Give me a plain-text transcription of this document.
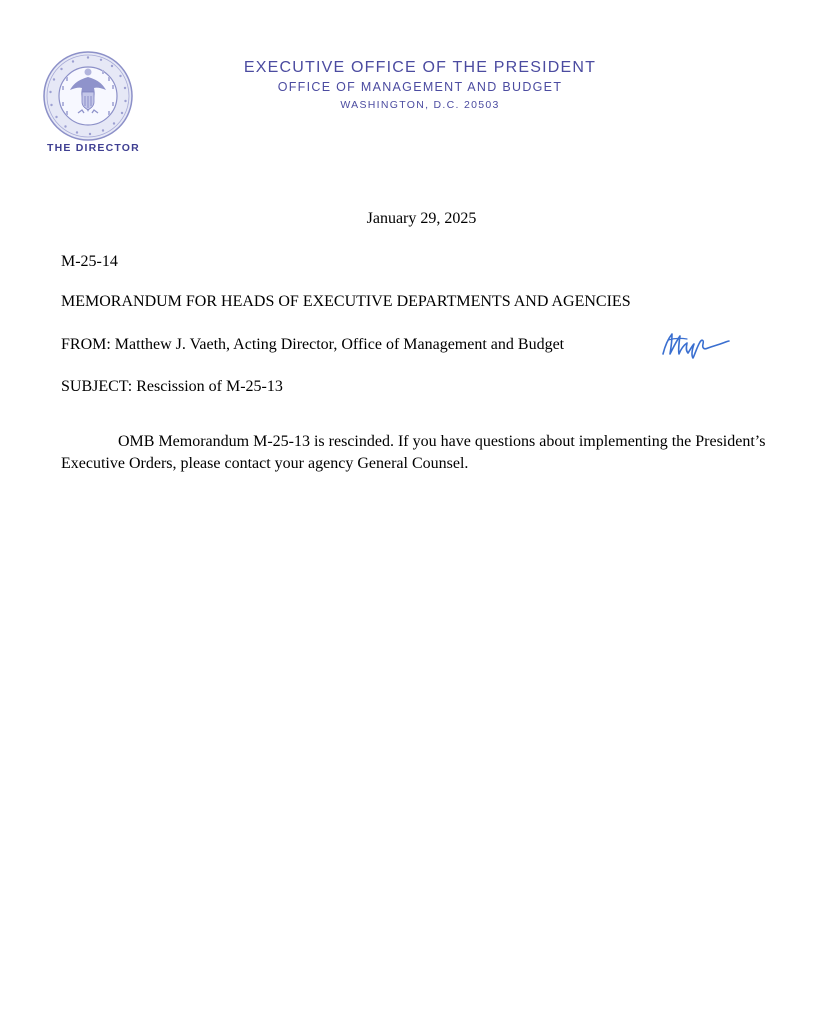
THE DIRECTOR
EXECUTIVE OFFICE OF THE PRESIDENT
OFFICE OF MANAGEMENT AND BUDGET
WASHINGTON, D.C. 20503
January 29, 2025
M-25-14
MEMORANDUM FOR HEADS OF EXECUTIVE DEPARTMENTS AND AGENCIES
FROM: Matthew J. Vaeth, Acting Director, Office of Management and Budget
SUBJECT: Rescission of M-25-13
OMB Memorandum M-25-13 is rescinded. If you have questions about implementing the President’s Executive Orders, please contact your agency General Counsel.
